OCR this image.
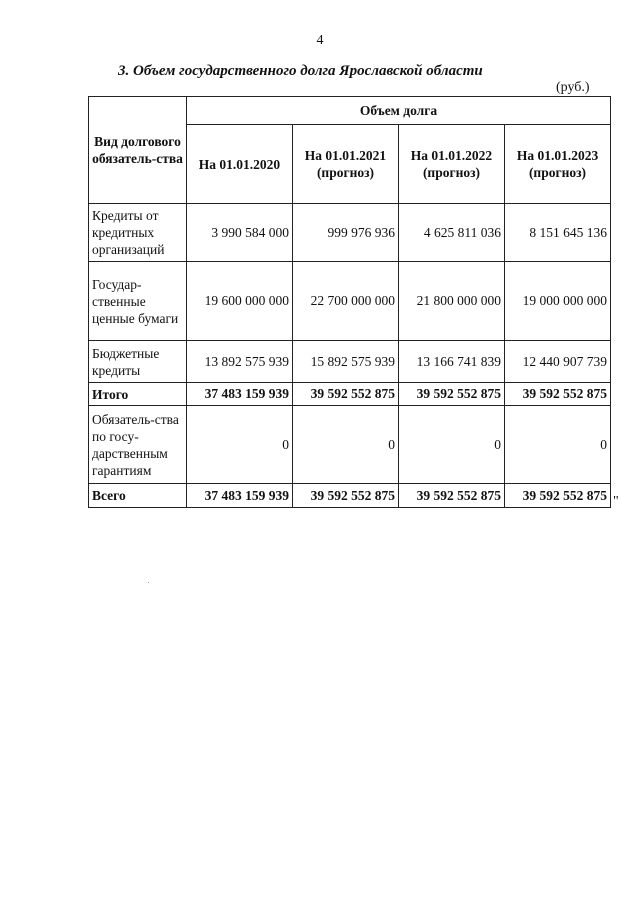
4
3. Объем государственного долга Ярославской области
(руб.)
Вид долгового обязатель-ства	Объем долга			
	На 01.01.2020	На 01.01.2021 (прогноз)	На 01.01.2022 (прогноз)	На 01.01.2023 (прогноз)
Кредиты от кредитных организаций	3 990 584 000	999 976 936	4 625 811 036	8 151 645 136
Государ-ственные ценные бумаги	19 600 000 000	22 700 000 000	21 800 000 000	19 000 000 000
Бюджетные кредиты	13 892 575 939	15 892 575 939	13 166 741 839	12 440 907 739
Итого	37 483 159 939	39 592 552 875	39 592 552 875	39 592 552 875
Обязатель-ства по госу-дарственным гарантиям	0	0	0	0
Всего	37 483 159 939	39 592 552 875	39 592 552 875	39 592 552 875 "
